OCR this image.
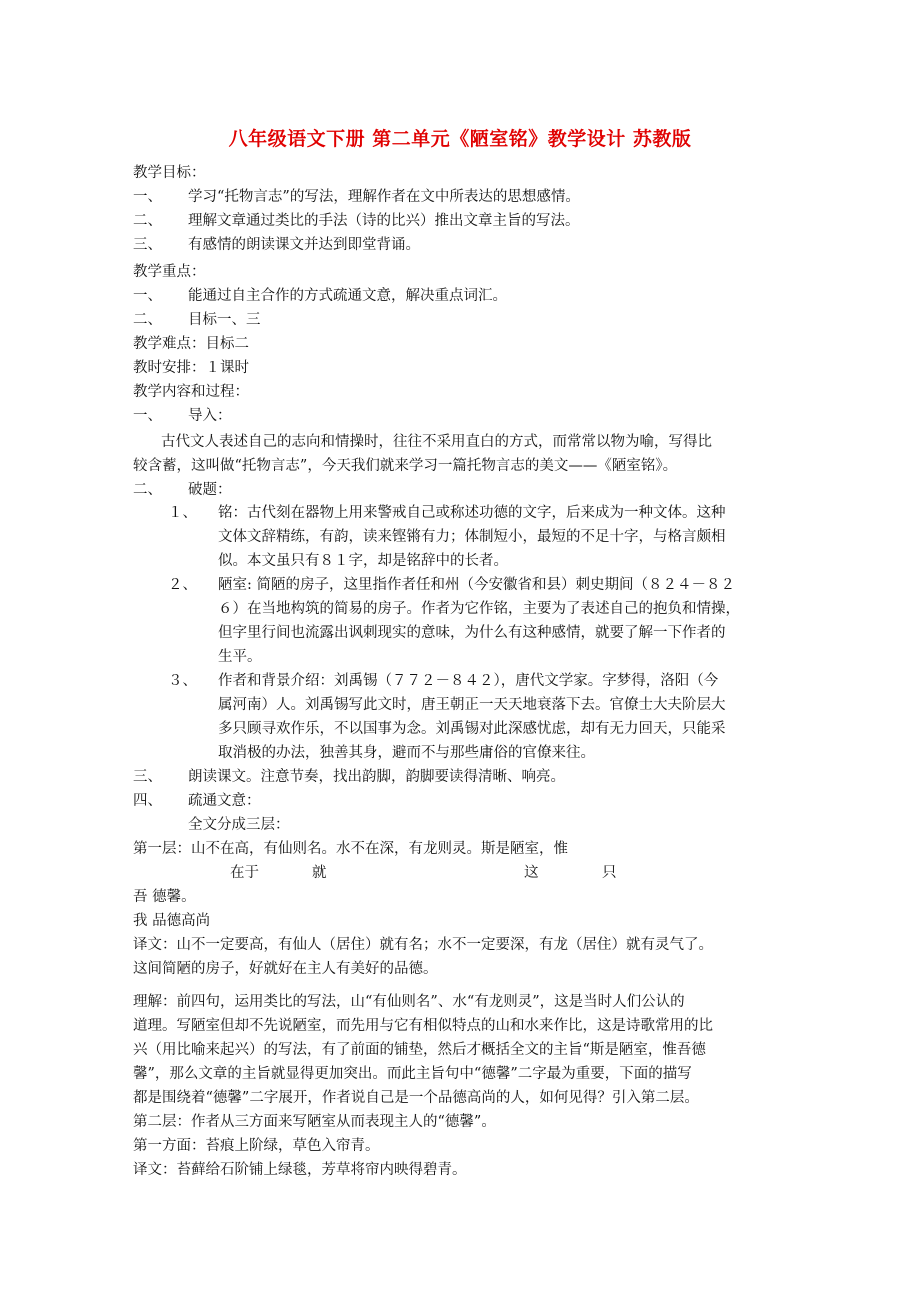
八年级语文下册 第二单元《陋室铭》教学设计 苏教版
教学目标：
一、 学习“托物言志”的写法，理解作者在文中所表达的思想感情。
二、 理解文章通过类比的手法（诗的比兴）推出文章主旨的写法。
三、 有感情的朗读课文并达到即堂背诵。
教学重点：
一、 能通过自主合作的方式疏通文意，解决重点词汇。
二、 目标一、三
教学难点：目标二
教时安排：１课时
教学内容和过程：
一、 导入：
古代文人表述自己的志向和情操时，往往不采用直白的方式，而常常以物为喻，写得比
较含蓄，这叫做“托物言志”，今天我们就来学习一篇托物言志的美文——《陋室铭》。
二、 破题：
１、 铭：古代刻在器物上用来警戒自己或称述功德的文字，后来成为一种文体。这种
文体文辞精练，有韵，读来铿锵有力；体制短小，最短的不足十字，与格言颇相
似。本文虽只有８１字，却是铭辞中的长者。
２、 陋室: 简陋的房子，这里指作者任和州（今安徽省和县）刺史期间（８２４－８２
６）在当地构筑的简易的房子。作者为它作铭，主要为了表述自己的抱负和情操，
但字里行间也流露出讽刺现实的意味，为什么有这种感情，就要了解一下作者的
生平。
３、 作者和背景介绍：刘禹锡（７７２－８４２），唐代文学家。字梦得，洛阳（今
属河南）人。刘禹锡写此文时，唐王朝正一天天地衰落下去。官僚士大夫阶层大
多只顾寻欢作乐，不以国事为念。刘禹锡对此深感忧虑，却有无力回天，只能采
取消极的办法，独善其身，避而不与那些庸俗的官僚来往。
三、 朗读课文。注意节奏，找出韵脚，韵脚要读得清晰、响亮。
四、 疏通文意：
全文分成三层：
第一层：山不在高，有仙则名。水不在深，有龙则灵。斯是陋室，惟
在于	就	这	只
吾 德馨。
我 品德高尚
译文：山不一定要高，有仙人（居住）就有名；水不一定要深，有龙（居住）就有灵气了。
这间简陋的房子，好就好在主人有美好的品德。
理解：前四句，运用类比的写法，山“有仙则名”、水“有龙则灵”，这是当时人们公认的
道理。写陋室但却不先说陋室，而先用与它有相似特点的山和水来作比，这是诗歌常用的比
兴（用比喻来起兴）的写法，有了前面的铺垫，然后才概括全文的主旨“斯是陋室，惟吾德
馨”，那么文章的主旨就显得更加突出。而此主旨句中“德馨”二字最为重要，下面的描写
都是围绕着“德馨”二字展开，作者说自己是一个品德高尚的人，如何见得？引入第二层。
第二层：作者从三方面来写陋室从而表现主人的“德馨”。
第一方面：苔痕上阶绿，草色入帘青。
译文：苔藓给石阶铺上绿毯，芳草将帘内映得碧青。
